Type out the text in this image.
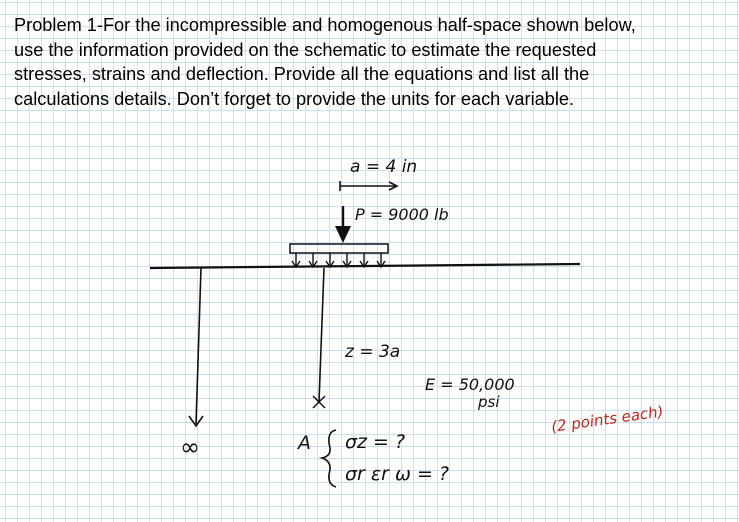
Problem 1-For the incompressible and homogenous half-space shown below,
use the information provided on the schematic to estimate the requested
stresses, strains and deflection. Provide all the equations and list all the
calculations details. Don’t forget to provide the units for each variable.
a = 4 in
P = 9000 lb
∞
z = 3a
E = 50,000
psi
A σz = ?
σr εr ω = ?
(2 points each)
